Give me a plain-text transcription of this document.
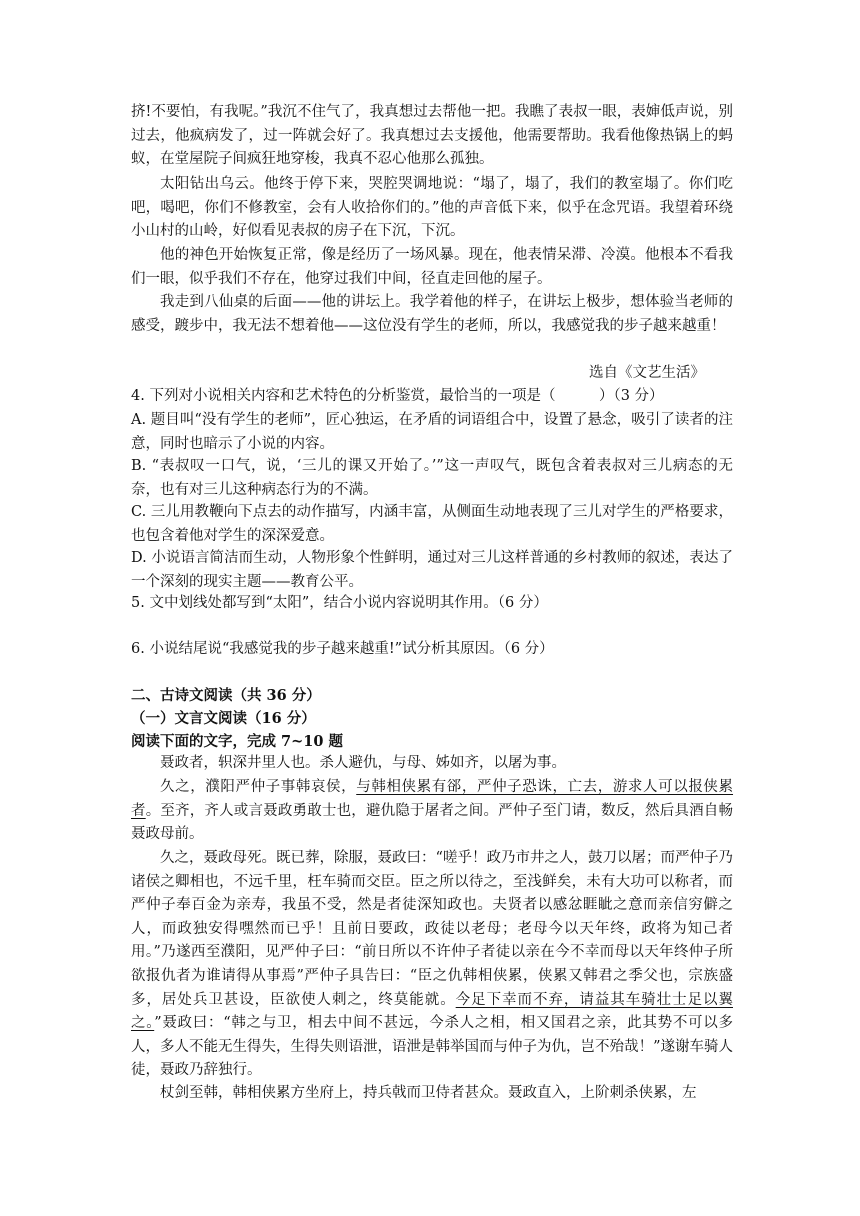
挤!不要怕，有我呢。”我沉不住气了，我真想过去帮他一把。我瞧了表叔一眼，表婶低声说，别过去，他疯病发了，过一阵就会好了。我真想过去支援他，他需要帮助。我看他像热锅上的蚂蚁，在堂屋院子间疯狂地穿梭，我真不忍心他那么孤独。
太阳钻出乌云。他终于停下来，哭腔哭调地说：“塌了，塌了，我们的教室塌了。你们吃吧，喝吧，你们不修教室，会有人收拾你们的。”他的声音低下来，似乎在念咒语。我望着环绕小山村的山岭，好似看见表叔的房子在下沉，下沉。
他的神色开始恢复正常，像是经历了一场风暴。现在，他表情呆滞、冷漠。他根本不看我们一眼，似乎我们不存在，他穿过我们中间，径直走回他的屋子。
我走到八仙桌的后面——他的讲坛上。我学着他的样子，在讲坛上极步，想体验当老师的感受，踱步中，我无法不想着他——这位没有学生的老师，所以，我感觉我的步子越来越重！
选自《文艺生活》
4. 下列对小说相关内容和艺术特色的分析鉴赏，最恰当的一项是（　　　）（3 分）
A. 题目叫“没有学生的老师”，匠心独运，在矛盾的词语组合中，设置了悬念，吸引了读者的注意，同时也暗示了小说的内容。
B. “表叔叹一口气，说，‘三儿的课又开始了。’”这一声叹气，既包含着表叔对三儿病态的无奈，也有对三儿这种病态行为的不满。
C. 三儿用教鞭向下点去的动作描写，内涵丰富，从侧面生动地表现了三儿对学生的严格要求，也包含着他对学生的深深爱意。
D. 小说语言简洁而生动，人物形象个性鲜明，通过对三儿这样普通的乡村教师的叙述，表达了一个深刻的现实主题——教育公平。
5. 文中划线处都写到“太阳”，结合小说内容说明其作用。（6 分）
6. 小说结尾说“我感觉我的步子越来越重!”试分析其原因。（6 分）
二、古诗文阅读（共 36 分）
（一）文言文阅读（16 分）
阅读下面的文字，完成 7~10 题
聂政者，轵深井里人也。杀人避仇，与母、姊如齐，以屠为事。
久之，濮阳严仲子事韩哀侯，与韩相侠累有郤，严仲子恐诛，亡去，游求人可以报侠累者。至齐，齐人或言聂政勇敢士也，避仇隐于屠者之间。严仲子至门请，数反，然后具酒自畅聂政母前。
久之，聂政母死。既已葬，除服，聂政曰：“嗟乎！政乃市井之人，鼓刀以屠；而严仲子乃诸侯之卿相也，不远千里，枉车骑而交臣。臣之所以待之，至浅鲜矣，未有大功可以称者，而严仲子奉百金为亲寿，我虽不受，然是者徒深知政也。夫贤者以感忿睚眦之意而亲信穷僻之人，而政独安得嘿然而已乎！且前日要政，政徒以老母；老母今以天年终，政将为知己者用。”乃遂西至濮阳，见严仲子曰：“前日所以不许仲子者徒以亲在今不幸而母以天年终仲子所欲报仇者为谁请得从事焉”严仲子具告曰：“臣之仇韩相侠累，侠累又韩君之季父也，宗族盛多，居处兵卫甚设，臣欲使人刺之，终莫能就。今足下幸而不弃，请益其车骑壮士足以翼之。”聂政曰：“韩之与卫，相去中间不甚远，今杀人之相，相又国君之亲，此其势不可以多人，多人不能无生得失，生得失则语泄，语泄是韩举国而与仲子为仇，岂不殆哉！”遂谢车骑人徒，聂政乃辞独行。
杖剑至韩，韩相侠累方坐府上，持兵戟而卫侍者甚众。聂政直入，上阶刺杀侠累，左
